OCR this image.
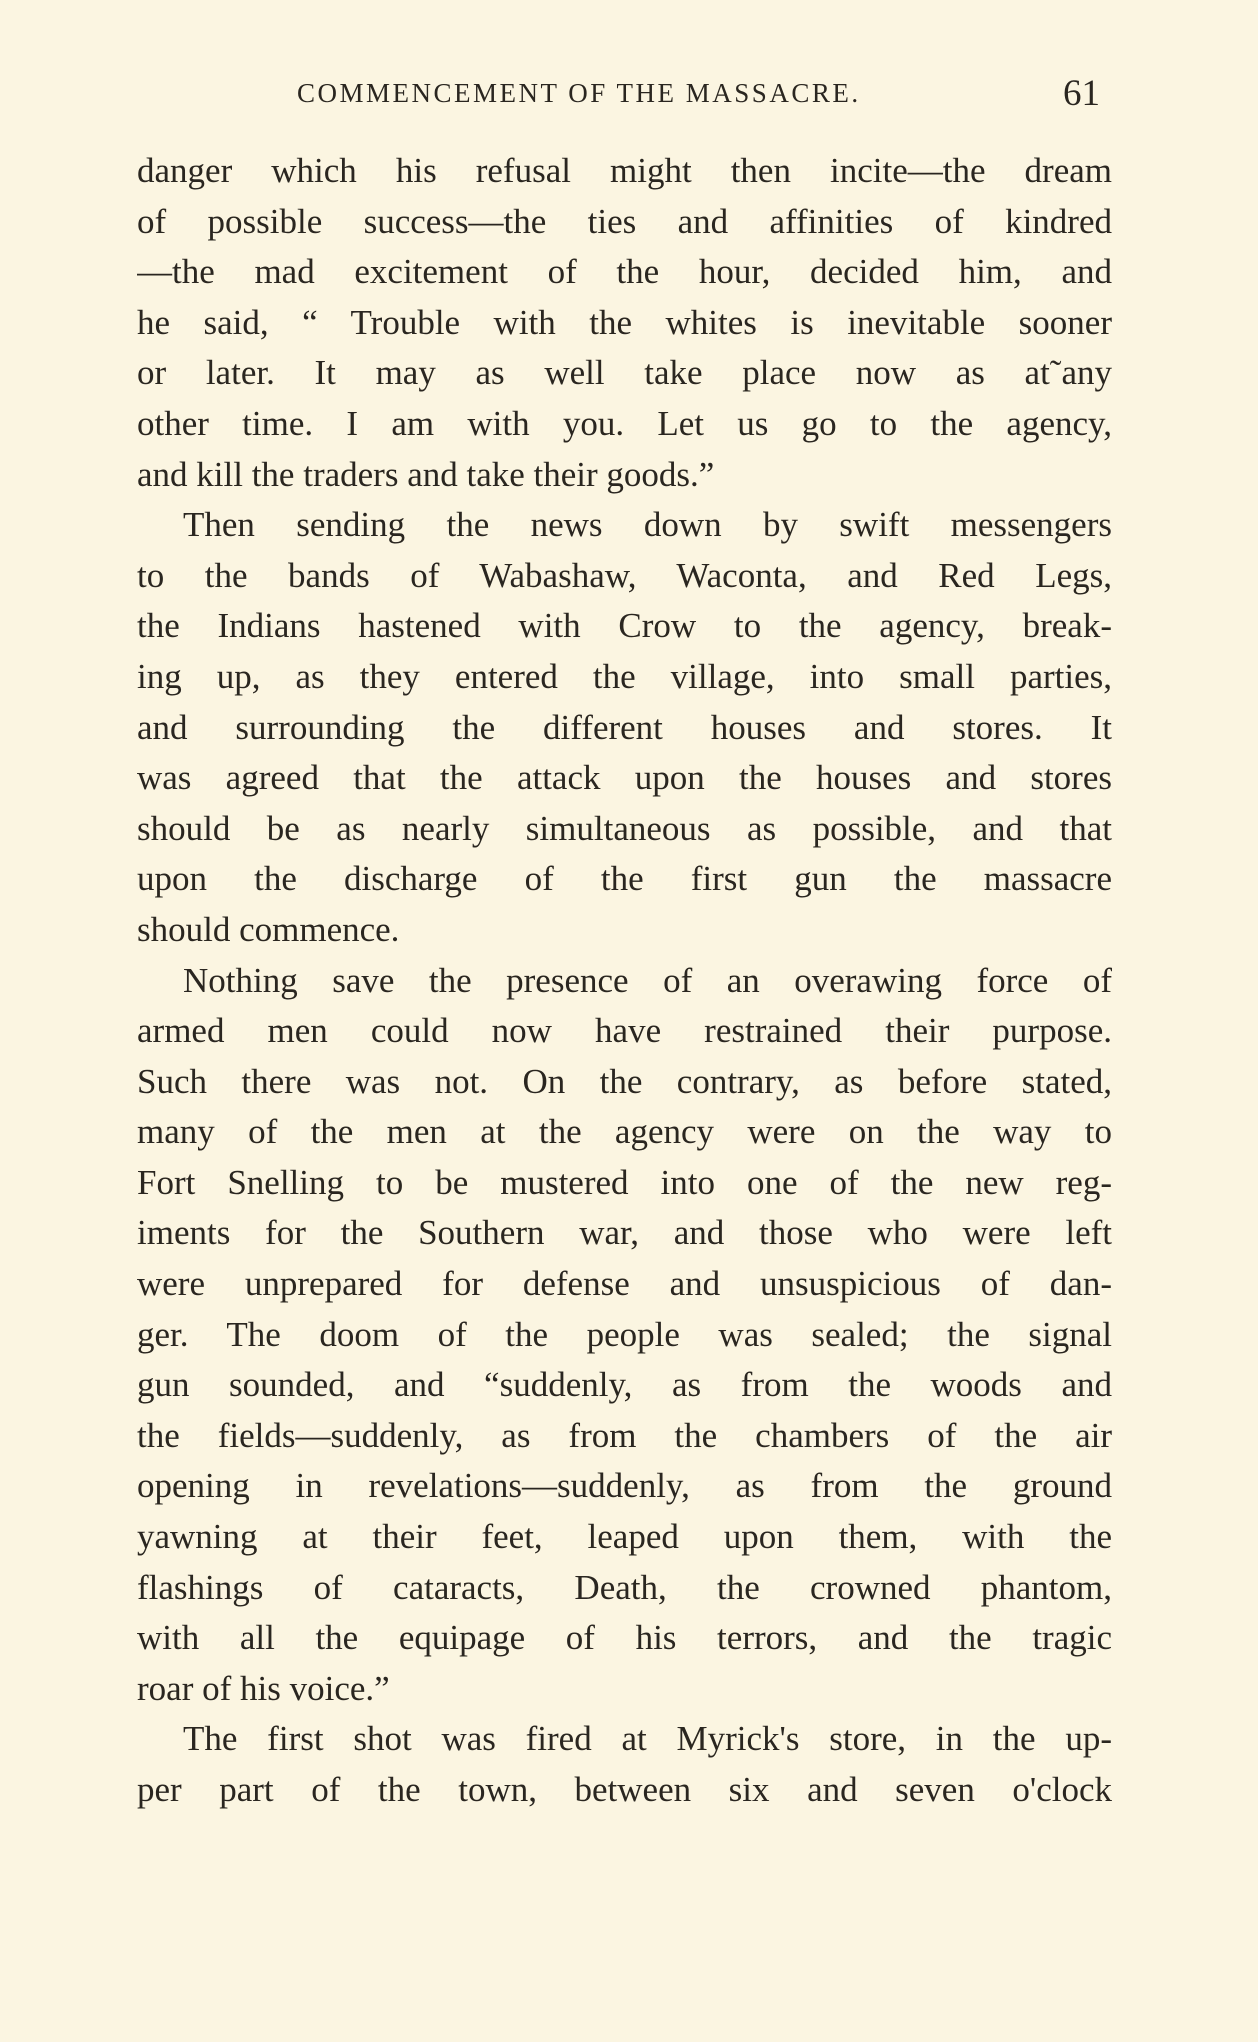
COMMENCEMENT OF THE MASSACRE.	61
danger which his refusal might then incite—the dream
of possible success—the ties and affinities of kindred
—the mad excitement of the hour, decided him, and
he said, “ Trouble with the whites is inevitable sooner
or later. It may as well take place now as at˜any
other time. I am with you. Let us go to the agency,
and kill the traders and take their goods.”
Then sending the news down by swift messengers
to the bands of Wabashaw, Waconta, and Red Legs,
the Indians hastened with Crow to the agency, break-
ing up, as they entered the village, into small parties,
and surrounding the different houses and stores. It
was agreed that the attack upon the houses and stores
should be as nearly simultaneous as possible, and that
upon the discharge of the first gun the massacre
should commence.
Nothing save the presence of an overawing force of
armed men could now have restrained their purpose.
Such there was not. On the contrary, as before stated,
many of the men at the agency were on the way to
Fort Snelling to be mustered into one of the new reg-
iments for the Southern war, and those who were left
were unprepared for defense and unsuspicious of dan-
ger. The doom of the people was sealed; the signal
gun sounded, and “suddenly, as from the woods and
the fields—suddenly, as from the chambers of the air
opening in revelations—suddenly, as from the ground
yawning at their feet, leaped upon them, with the
flashings of cataracts, Death, the crowned phantom,
with all the equipage of his terrors, and the tragic
roar of his voice.”
The first shot was fired at Myrick's store, in the up-
per part of the town, between six and seven o'clock
